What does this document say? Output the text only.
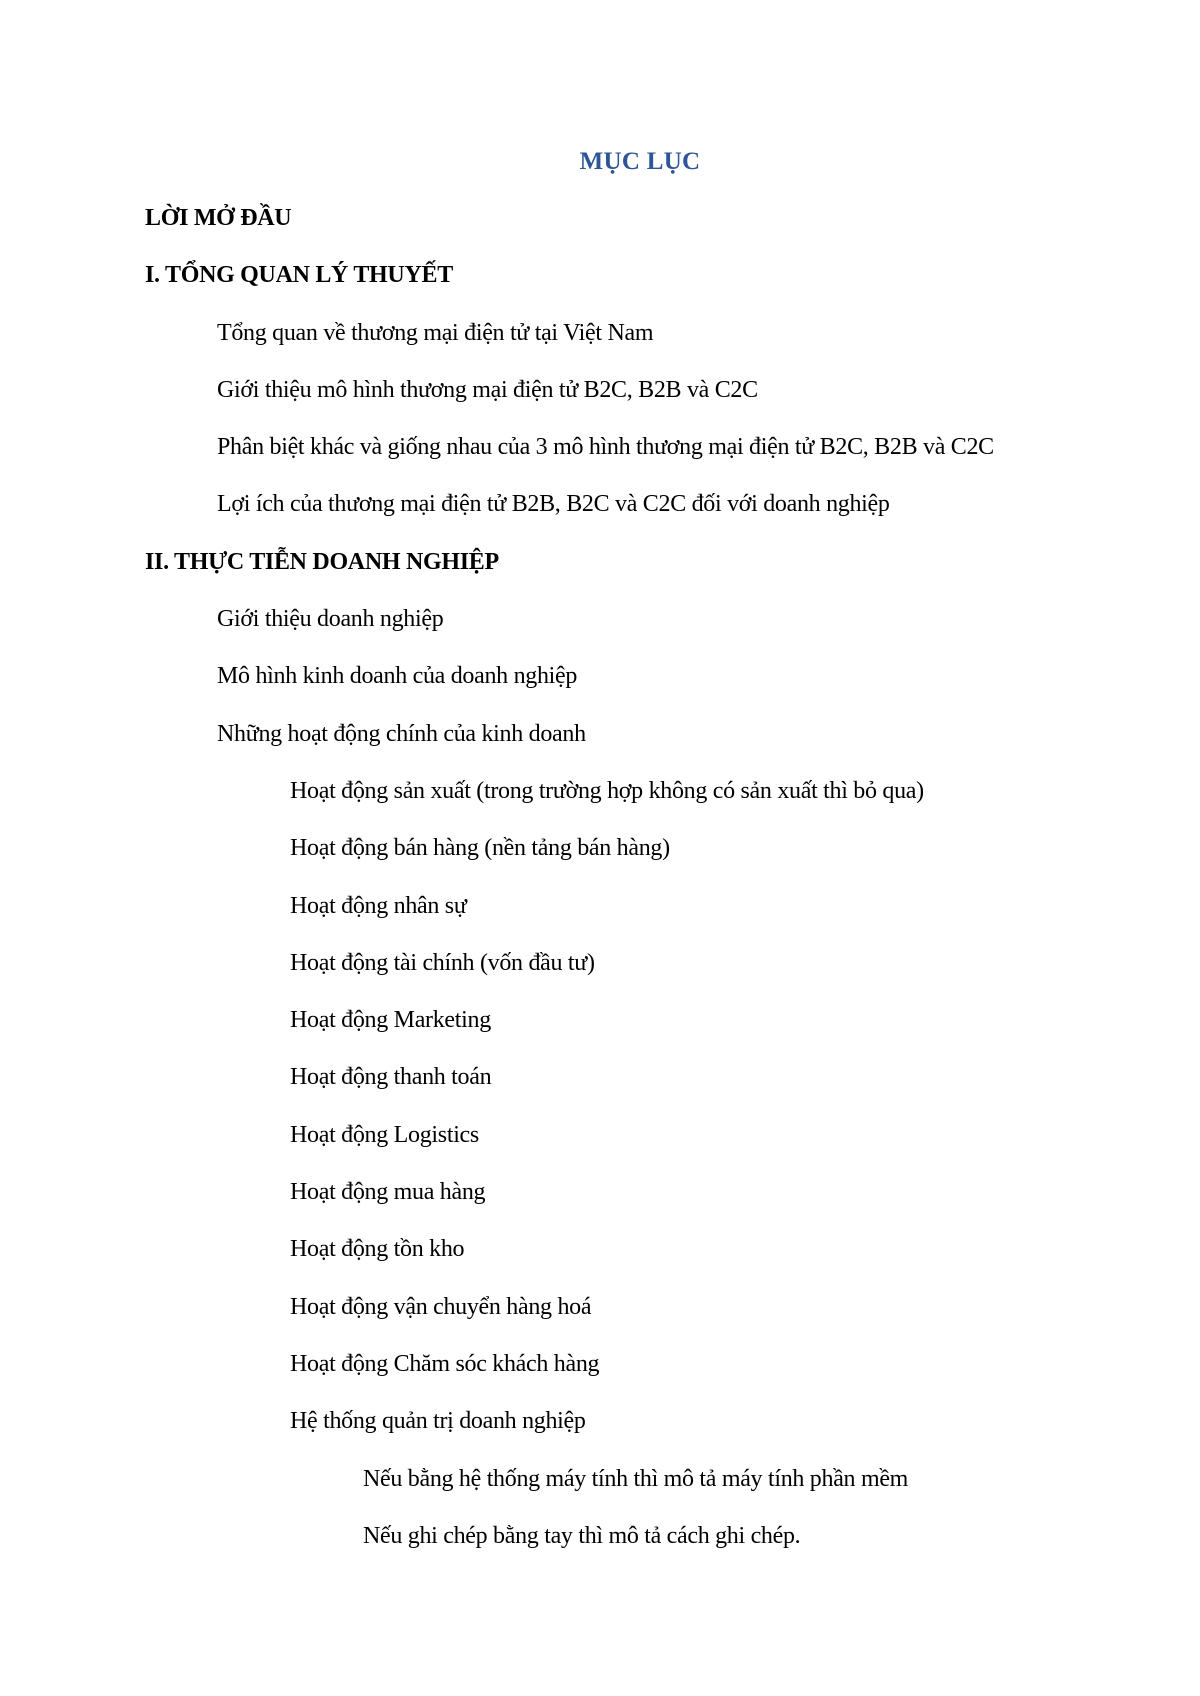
MỤC LỤC
LỜI MỞ ĐẦU
I. TỔNG QUAN LÝ THUYẾT
Tổng quan về thương mại điện tử tại Việt Nam
Giới thiệu mô hình thương mại điện tử B2C, B2B và C2C
Phân biệt khác và giống nhau của 3 mô hình thương mại điện tử B2C, B2B và C2C
Lợi ích của thương mại điện tử B2B, B2C và C2C đối với doanh nghiệp
II. THỰC TIỄN DOANH NGHIỆP
Giới thiệu doanh nghiệp
Mô hình kinh doanh của doanh nghiệp
Những hoạt động chính của kinh doanh
Hoạt động sản xuất (trong trường hợp không có sản xuất thì bỏ qua)
Hoạt động bán hàng (nền tảng bán hàng)
Hoạt động nhân sự
Hoạt động tài chính (vốn đầu tư)
Hoạt động Marketing
Hoạt động thanh toán
Hoạt động Logistics
Hoạt động mua hàng
Hoạt động tồn kho
Hoạt động vận chuyển hàng hoá
Hoạt động Chăm sóc khách hàng
Hệ thống quản trị doanh nghiệp
Nếu bằng hệ thống máy tính thì mô tả máy tính phần mềm
Nếu ghi chép bằng tay thì mô tả cách ghi chép.
